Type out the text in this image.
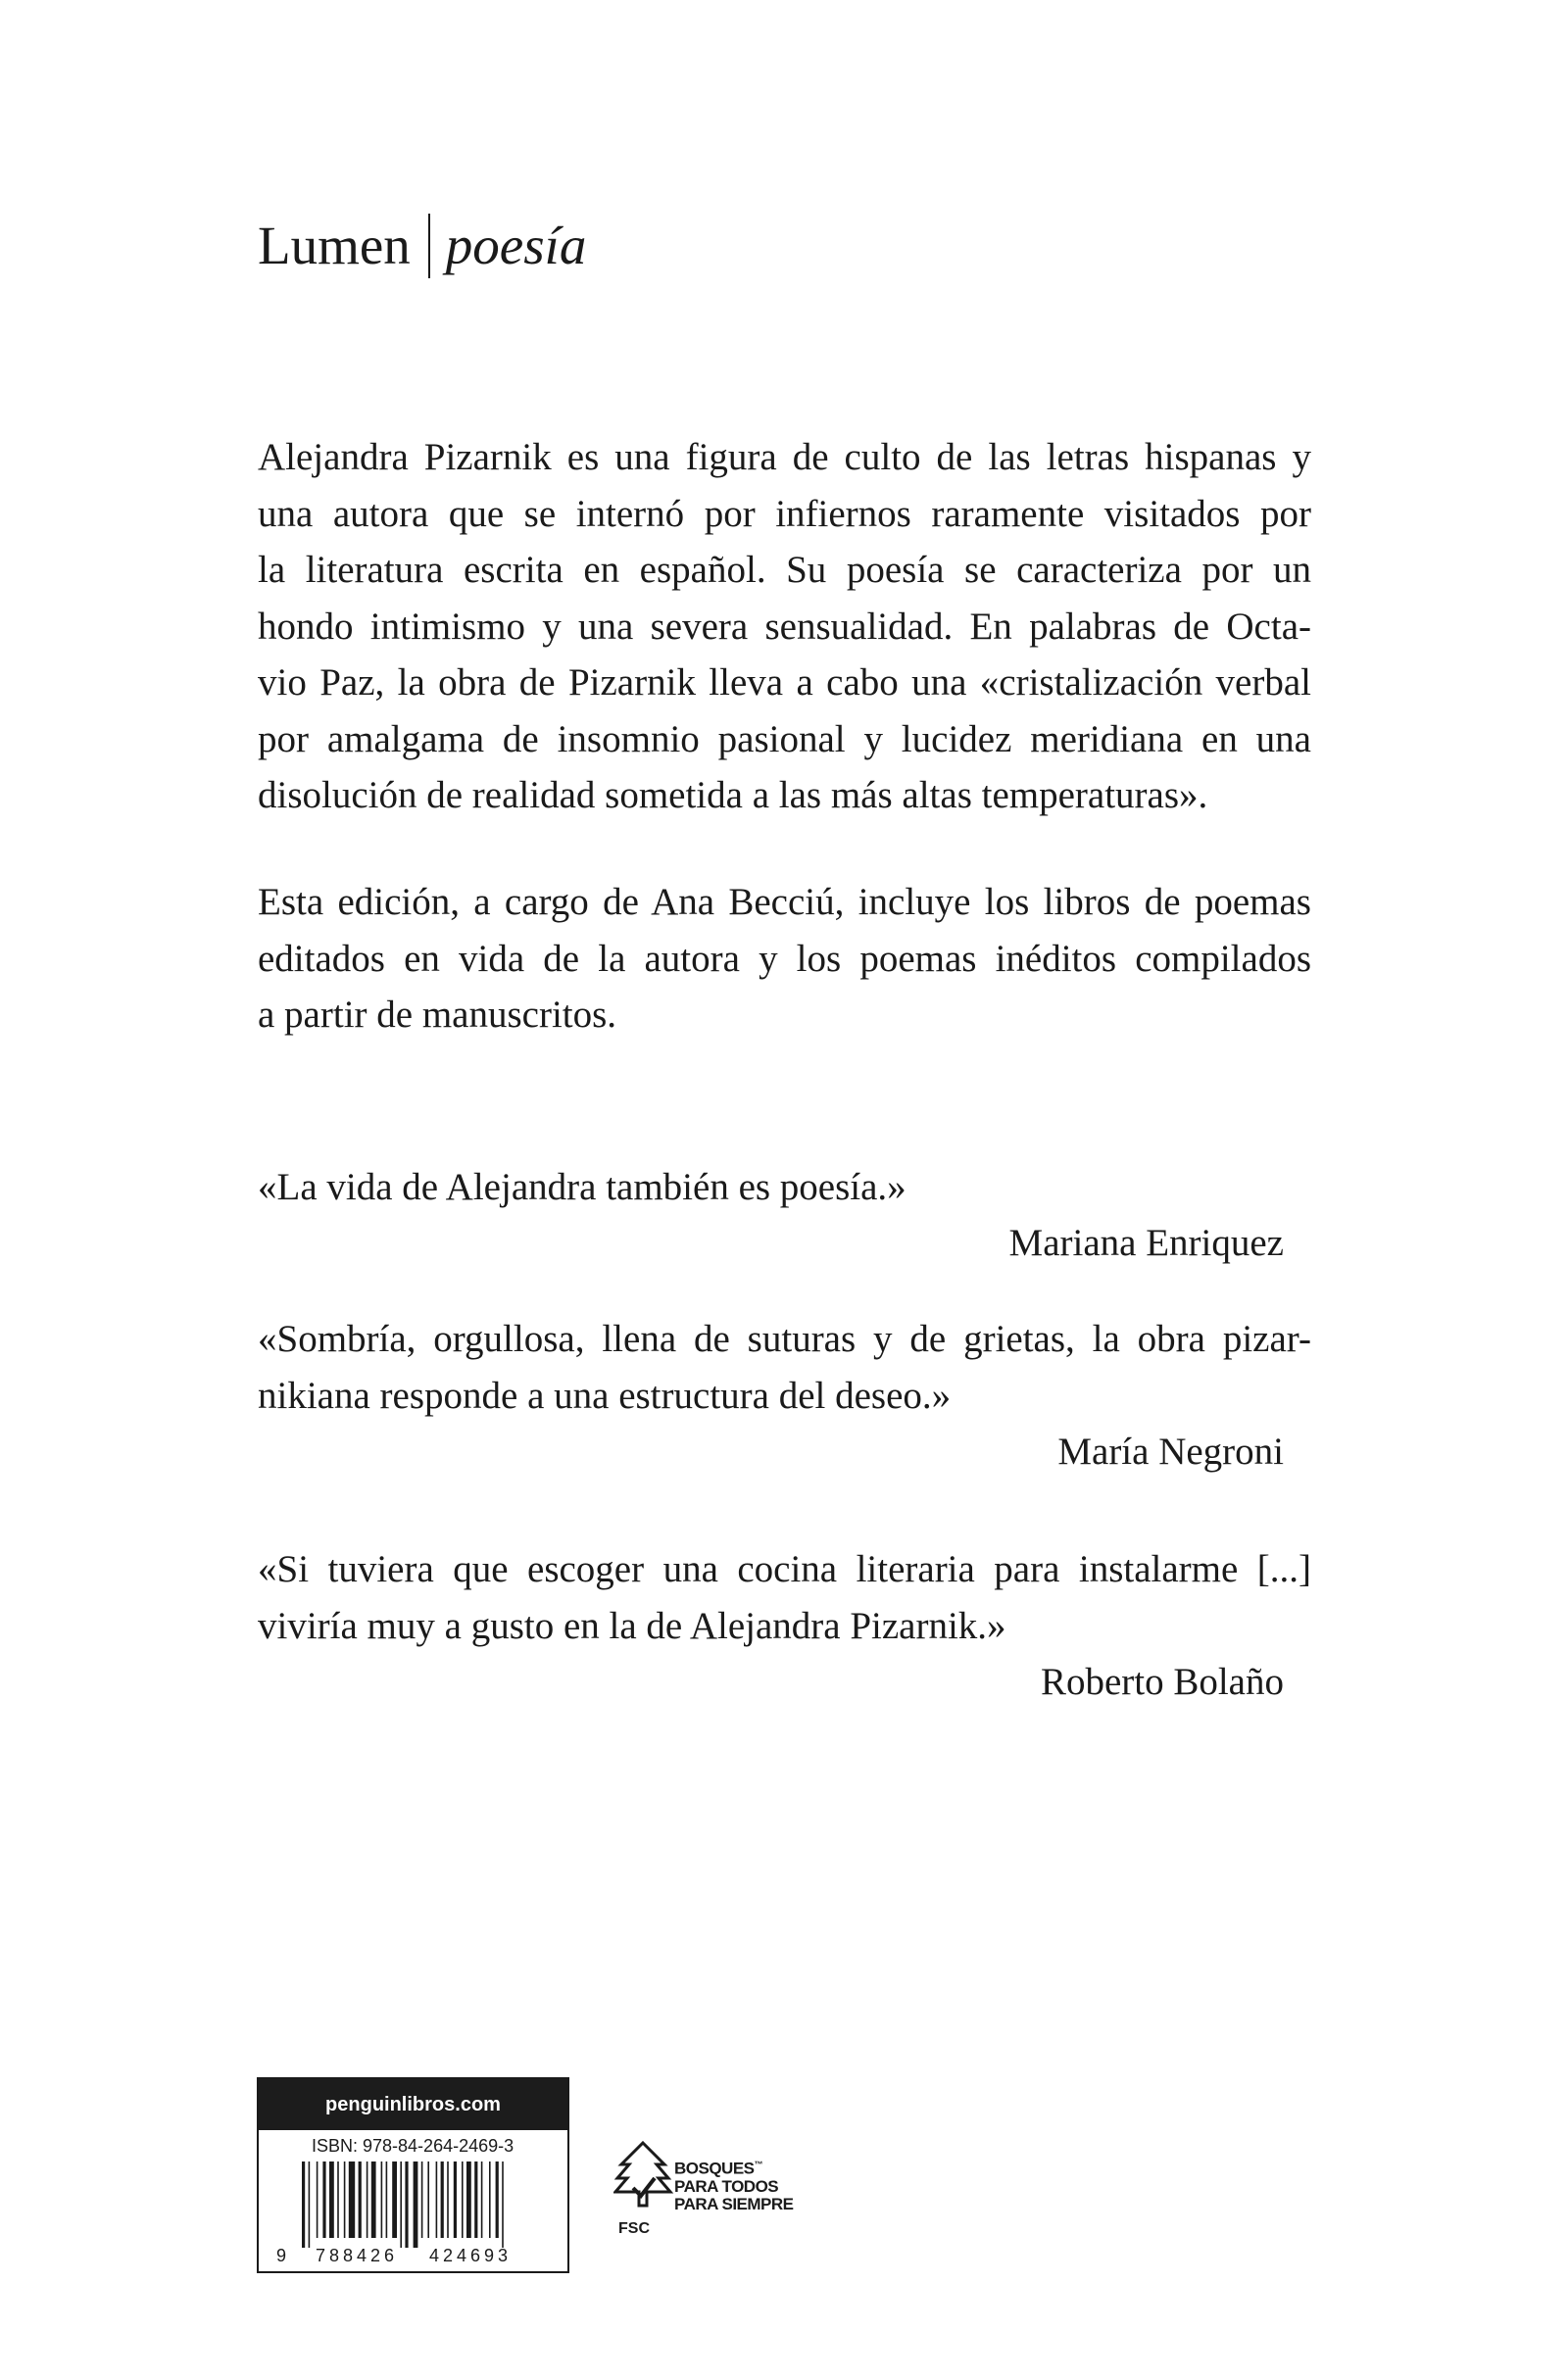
Lumen poesía
Alejandra Pizarnik es una figura de culto de las letras hispanas y
una autora que se internó por infiernos raramente visitados por
la literatura escrita en español. Su poesía se caracteriza por un
hondo intimismo y una severa sensualidad. En palabras de Octa-
vio Paz, la obra de Pizarnik lleva a cabo una «cristalización verbal
por amalgama de insomnio pasional y lucidez meridiana en una
disolución de realidad sometida a las más altas temperaturas».
Esta edición, a cargo de Ana Becciú, incluye los libros de poemas
editados en vida de la autora y los poemas inéditos compilados
a partir de manuscritos.
«La vida de Alejandra también es poesía.»
Mariana Enriquez
«Sombría, orgullosa, llena de suturas y de grietas, la obra pizar-
nikiana responde a una estructura del deseo.»
María Negroni
«Si tuviera que escoger una cocina literaria para instalarme [...]
viviría muy a gusto en la de Alejandra Pizarnik.»
Roberto Bolaño
penguinlibros.com
ISBN: 978-84-264-2469-3
9 788426 424693
BOSQUES™
PARA TODOS
PARA SIEMPRE
FSC
